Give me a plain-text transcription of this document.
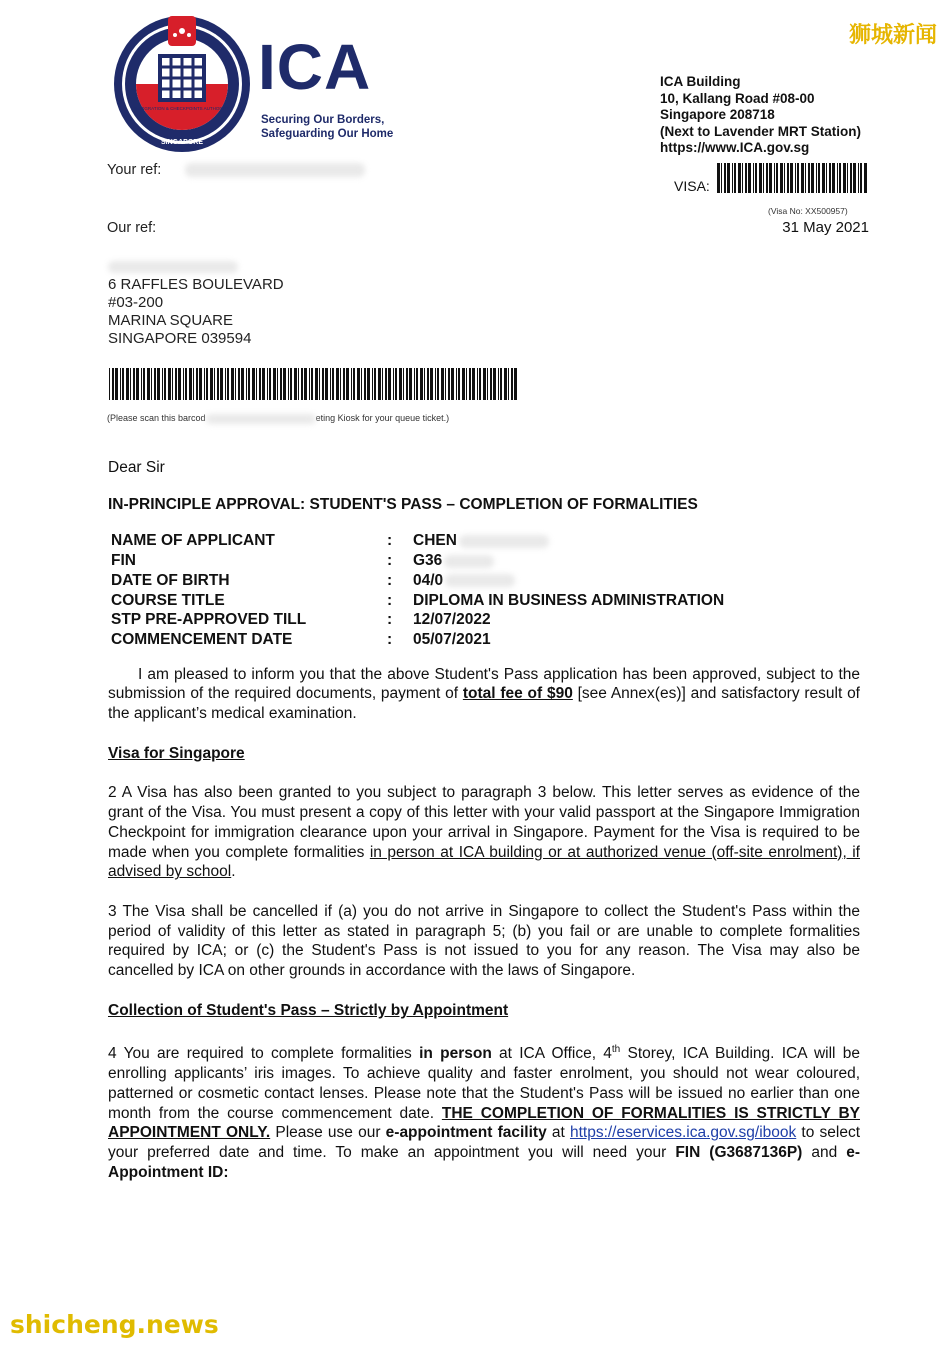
SINGAPORE
IMMIGRATION & CHECKPOINTS AUTHORITY
ICA
Securing Our Borders,
Safeguarding Our Home
狮城新闻
ICA Building
10, Kallang Road #08-00
Singapore 208718
(Next to Lavender MRT Station)
https://www.ICA.gov.sg
Your ref:
Our ref:
VISA:
(Visa No: XX500957)
31 May 2021
6 RAFFLES BOULEVARD
#03-200
MARINA SQUARE
SINGAPORE 039594
(Please scan this barcod	eting Kiosk for your queue ticket.)

Dear Sir

IN-PRINCIPLE APPROVAL: STUDENT'S PASS – COMPLETION OF FORMALITIES

NAME OF APPLICANT	:	CHEN
FIN	:	G36
DATE OF BIRTH	:	04/0
COURSE TITLE	:	DIPLOMA IN BUSINESS ADMINISTRATION
STP PRE-APPROVED TILL	:	12/07/2022
COMMENCEMENT DATE	:	05/07/2021

I am pleased to inform you that the above Student's Pass application has been approved, subject to the submission of the required documents, payment of total fee of $90 [see Annex(es)] and satisfactory result of the applicant’s medical examination.

Visa for Singapore

2 A Visa has also been granted to you subject to paragraph 3 below. This letter serves as evidence of the grant of the Visa. You must present a copy of this letter with your valid passport at the Singapore Immigration Checkpoint for immigration clearance upon your arrival in Singapore. Payment for the Visa is required to be made when you complete formalities in person at ICA building or at authorized venue (off-site enrolment), if advised by school.

3 The Visa shall be cancelled if (a) you do not arrive in Singapore to collect the Student's Pass within the period of validity of this letter as stated in paragraph 5; (b) you fail or are unable to complete formalities required by ICA; or (c) the Student's Pass is not issued to you for any reason. The Visa may also be cancelled by ICA on other grounds in accordance with the laws of Singapore.

Collection of Student's Pass – Strictly by Appointment

4 You are required to complete formalities in person at ICA Office, 4th Storey, ICA Building. ICA will be enrolling applicants’ iris images. To achieve quality and faster enrolment, you should not wear coloured, patterned or cosmetic contact lenses. Please note that the Student's Pass will be issued no earlier than one month from the course commencement date. THE COMPLETION OF FORMALITIES IS STRICTLY BY APPOINTMENT ONLY. Please use our e-appointment facility at https://eservices.ica.gov.sg/ibook to select your preferred date and time. To make an appointment you will need your FIN (G3687136P) and e-Appointment ID:

shicheng.news
